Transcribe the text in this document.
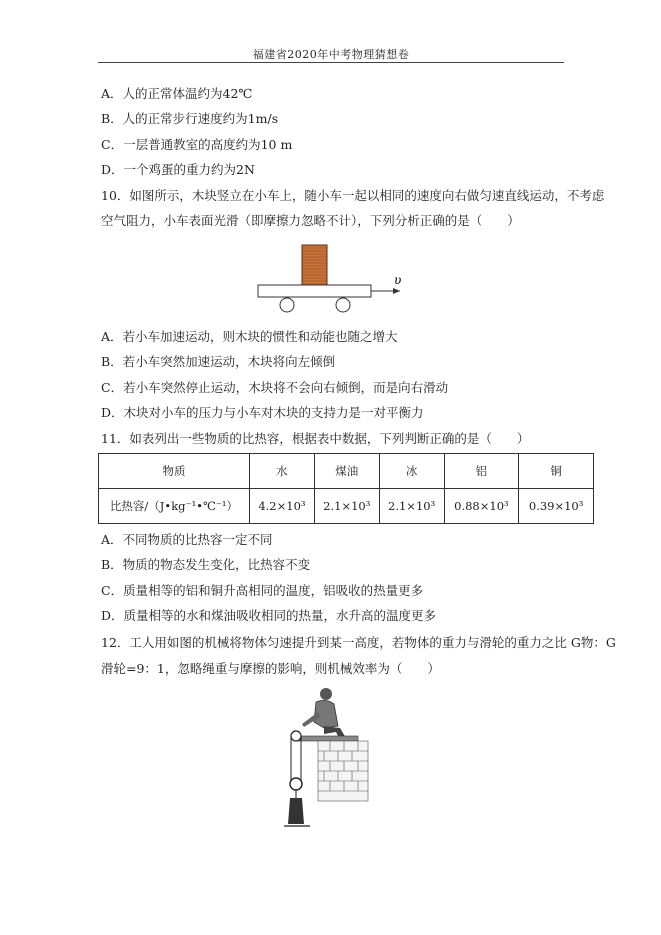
福建省2020年中考物理猜想卷
A．人的正常体温约为42℃
B．人的正常步行速度约为1m/s
C．一层普通教室的高度约为10 m
D．一个鸡蛋的重力约为2N
10．如图所示，木块竖立在小车上，随小车一起以相同的速度向右做匀速直线运动，不考虑
空气阻力，小车表面光滑（即摩擦力忽略不计），下列分析正确的是（　　）
υ
A．若小车加速运动，则木块的惯性和动能也随之增大
B．若小车突然加速运动，木块将向左倾倒
C．若小车突然停止运动，木块将不会向右倾倒，而是向右滑动
D．木块对小车的压力与小车对木块的支持力是一对平衡力
11．如表列出一些物质的比热容，根据表中数据，下列判断正确的是（　　）
物质	水	煤油	冰	铝	铜
比热容/（J•kg⁻¹•℃⁻¹）	4.2×10³	2.1×10³	2.1×10³	0.88×10³	0.39×10³
A．不同物质的比热容一定不同
B．物质的物态发生变化，比热容不变
C．质量相等的铝和铜升高相同的温度，铝吸收的热量更多
D．质量相等的水和煤油吸收相同的热量，水升高的温度更多
12．工人用如图的机械将物体匀速提升到某一高度，若物体的重力与滑轮的重力之比 G物：G
滑轮=9：1，忽略绳重与摩擦的影响，则机械效率为（　　）
